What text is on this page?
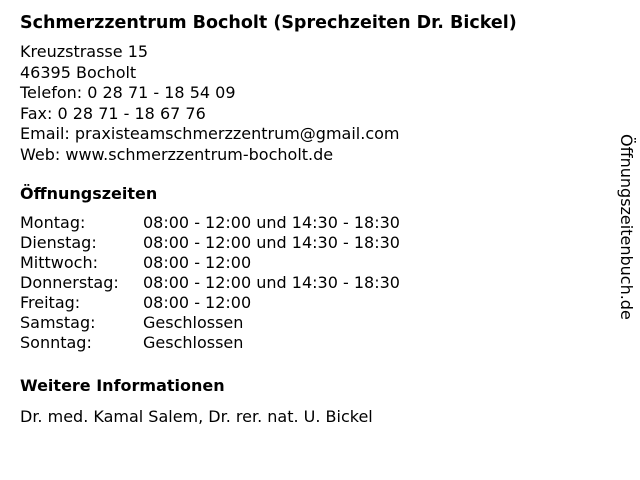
Schmerzzentrum Bocholt (Sprechzeiten Dr. Bickel)
Kreuzstrasse 15
46395 Bocholt
Telefon: 0 28 71 - 18 54 09
Fax: 0 28 71 - 18 67 76
Email: praxisteamschmerzzentrum@gmail.com
Web: www.schmerzzentrum-bocholt.de
Öffnungszeiten
Montag:	08:00 - 12:00 und 14:30 - 18:30
Dienstag:	08:00 - 12:00 und 14:30 - 18:30
Mittwoch:	08:00 - 12:00
Donnerstag:	08:00 - 12:00 und 14:30 - 18:30
Freitag:	08:00 - 12:00
Samstag:	Geschlossen
Sonntag:	Geschlossen
Weitere Informationen
Dr. med. Kamal Salem, Dr. rer. nat. U. Bickel
Öffnungszeitenbuch.de
